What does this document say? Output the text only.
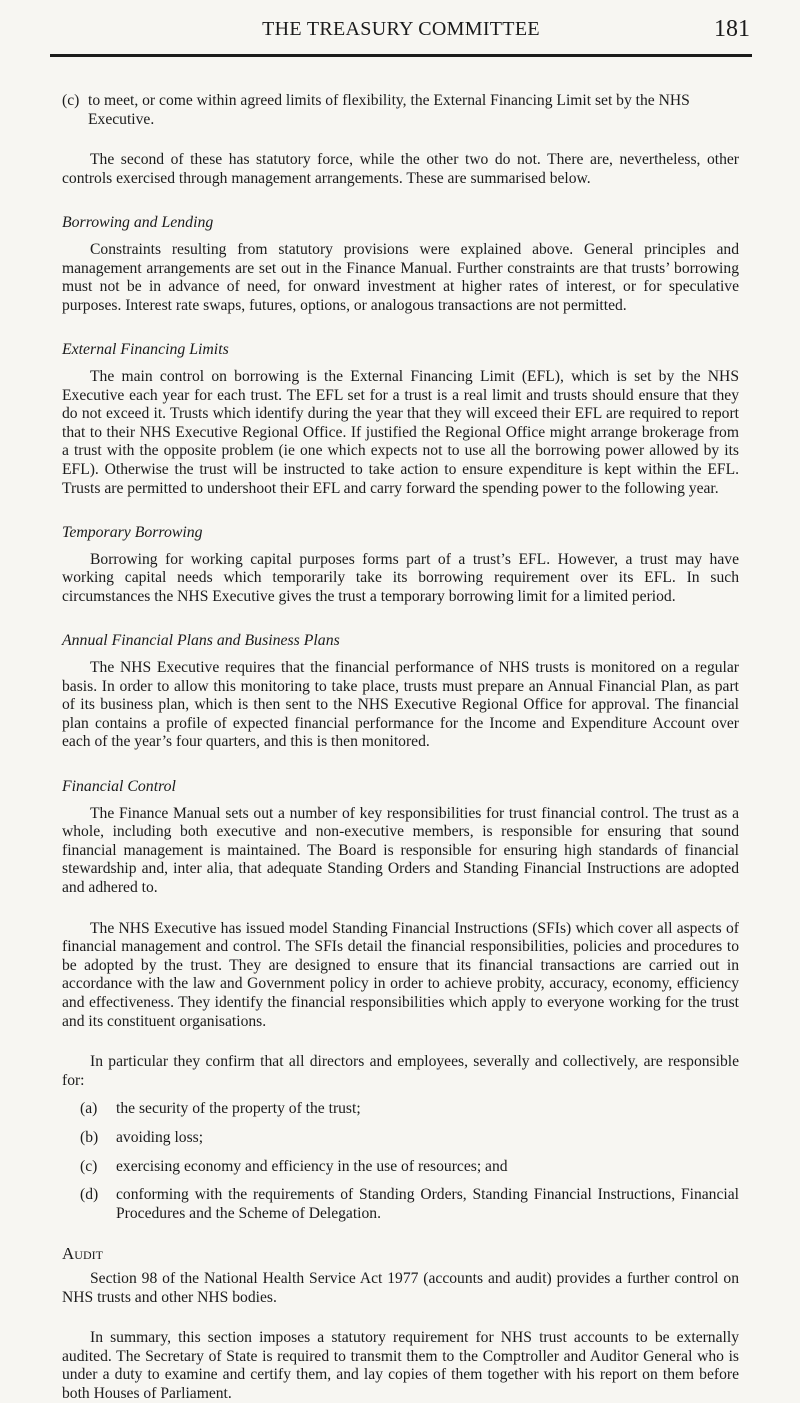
THE TREASURY COMMITTEE	181
(c) to meet, or come within agreed limits of flexibility, the External Financing Limit set by the NHS Executive.

The second of these has statutory force, while the other two do not. There are, nevertheless, other controls exercised through management arrangements. These are summarised below.

Borrowing and Lending

Constraints resulting from statutory provisions were explained above. General principles and management arrangements are set out in the Finance Manual. Further constraints are that trusts’ borrowing must not be in advance of need, for onward investment at higher rates of interest, or for speculative purposes. Interest rate swaps, futures, options, or analogous transactions are not permitted.

External Financing Limits

The main control on borrowing is the External Financing Limit (EFL), which is set by the NHS Executive each year for each trust. The EFL set for a trust is a real limit and trusts should ensure that they do not exceed it. Trusts which identify during the year that they will exceed their EFL are required to report that to their NHS Executive Regional Office. If justified the Regional Office might arrange brokerage from a trust with the opposite problem (ie one which expects not to use all the borrowing power allowed by its EFL). Otherwise the trust will be instructed to take action to ensure expenditure is kept within the EFL. Trusts are permitted to undershoot their EFL and carry forward the spending power to the following year.

Temporary Borrowing

Borrowing for working capital purposes forms part of a trust’s EFL. However, a trust may have working capital needs which temporarily take its borrowing requirement over its EFL. In such circumstances the NHS Executive gives the trust a temporary borrowing limit for a limited period.

Annual Financial Plans and Business Plans

The NHS Executive requires that the financial performance of NHS trusts is monitored on a regular basis. In order to allow this monitoring to take place, trusts must prepare an Annual Financial Plan, as part of its business plan, which is then sent to the NHS Executive Regional Office for approval. The financial plan contains a profile of expected financial performance for the Income and Expenditure Account over each of the year’s four quarters, and this is then monitored.

Financial Control

The Finance Manual sets out a number of key responsibilities for trust financial control. The trust as a whole, including both executive and non-executive members, is responsible for ensuring that sound financial management is maintained. The Board is responsible for ensuring high standards of financial stewardship and, inter alia, that adequate Standing Orders and Standing Financial Instructions are adopted and adhered to.

The NHS Executive has issued model Standing Financial Instructions (SFIs) which cover all aspects of financial management and control. The SFIs detail the financial responsibilities, policies and procedures to be adopted by the trust. They are designed to ensure that its financial transactions are carried out in accordance with the law and Government policy in order to achieve probity, accuracy, economy, efficiency and effectiveness. They identify the financial responsibilities which apply to everyone working for the trust and its constituent organisations.

In particular they confirm that all directors and employees, severally and collectively, are responsible for:

(a)	the security of the property of the trust;
(b)	avoiding loss;
(c)	exercising economy and efficiency in the use of resources; and
(d)	conforming with the requirements of Standing Orders, Standing Financial Instructions, Financial Procedures and the Scheme of Delegation.
Audit

Section 98 of the National Health Service Act 1977 (accounts and audit) provides a further control on NHS trusts and other NHS bodies.

In summary, this section imposes a statutory requirement for NHS trust accounts to be externally audited. The Secretary of State is required to transmit them to the Comptroller and Auditor General who is under a duty to examine and certify them, and lay copies of them together with his report on them before both Houses of Parliament.
